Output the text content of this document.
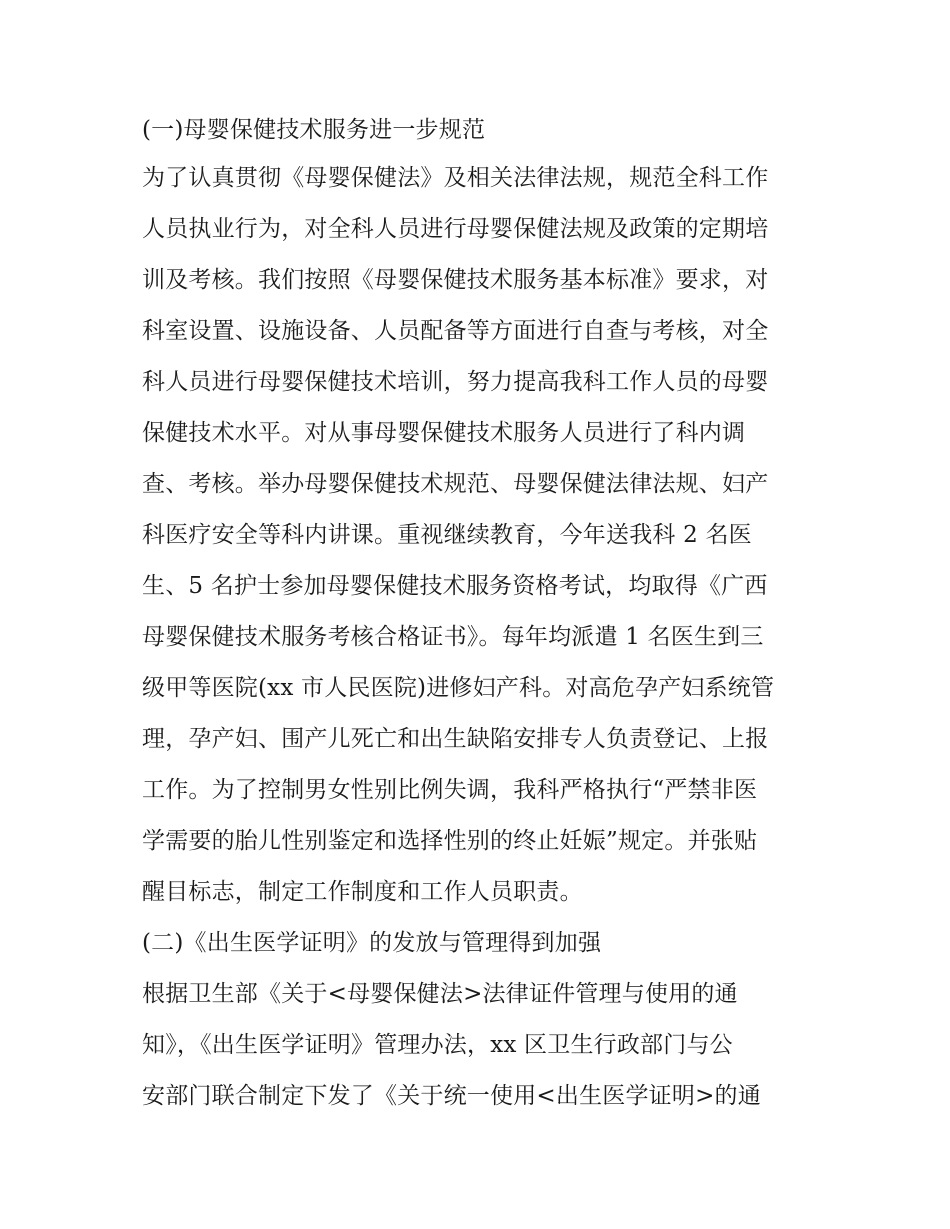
(一)母婴保健技术服务进一步规范
为了认真贯彻《母婴保健法》及相关法律法规，规范全科工作
人员执业行为，对全科人员进行母婴保健法规及政策的定期培
训及考核。我们按照《母婴保健技术服务基本标准》要求，对
科室设置、设施设备、人员配备等方面进行自查与考核，对全
科人员进行母婴保健技术培训，努力提高我科工作人员的母婴
保健技术水平。对从事母婴保健技术服务人员进行了科内调
查、考核。举办母婴保健技术规范、母婴保健法律法规、妇产
科医疗安全等科内讲课。重视继续教育，今年送我科 2 名医
生、5 名护士参加母婴保健技术服务资格考试，均取得《广西
母婴保健技术服务考核合格证书》。每年均派遣 1 名医生到三
级甲等医院(xx 市人民医院)进修妇产科。对高危孕产妇系统管
理，孕产妇、围产儿死亡和出生缺陷安排专人负责登记、上报
工作。为了控制男女性别比例失调，我科严格执行“严禁非医
学需要的胎儿性别鉴定和选择性别的终止妊娠”规定。并张贴
醒目标志，制定工作制度和工作人员职责。
(二)《出生医学证明》的发放与管理得到加强
根据卫生部《关于<母婴保健法>法律证件管理与使用的通
知》，《出生医学证明》管理办法，xx 区卫生行政部门与公
安部门联合制定下发了《关于统一使用<出生医学证明>的通
